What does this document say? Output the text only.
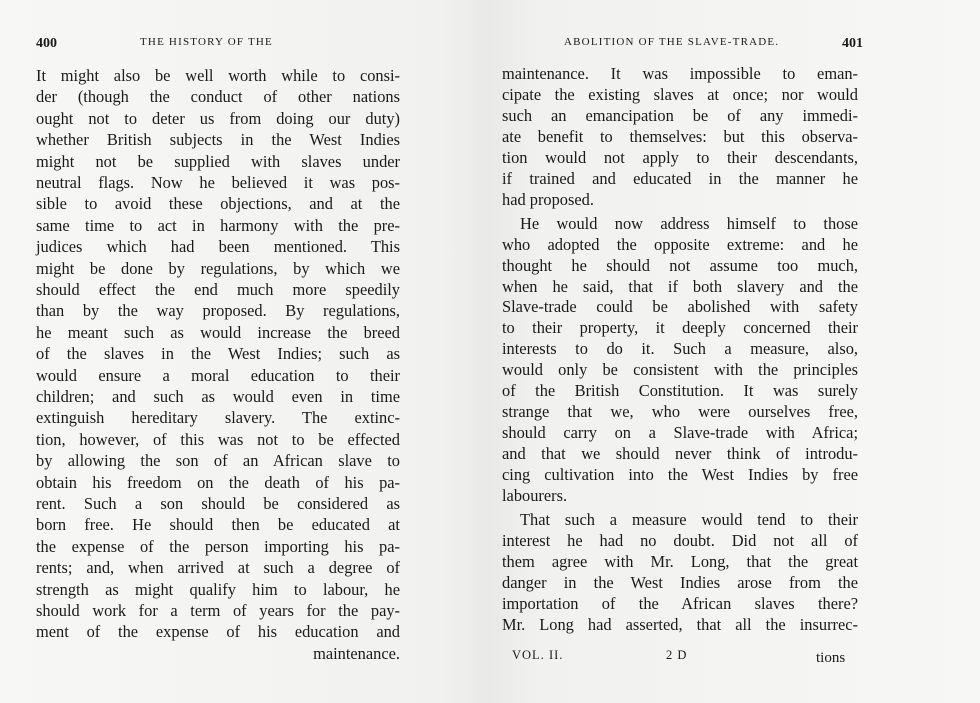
400	THE HISTORY OF THE
It might also be well worth while to consi-
der (though the conduct of other nations
ought not to deter us from doing our duty)
whether British subjects in the West Indies
might not be supplied with slaves under
neutral flags. Now he believed it was pos-
sible to avoid these objections, and at the
same time to act in harmony with the pre-
judices which had been mentioned. This
might be done by regulations, by which we
should effect the end much more speedily
than by the way proposed. By regulations,
he meant such as would increase the breed
of the slaves in the West Indies; such as
would ensure a moral education to their
children; and such as would even in time
extinguish hereditary slavery. The extinc-
tion, however, of this was not to be effected
by allowing the son of an African slave to
obtain his freedom on the death of his pa-
rent. Such a son should be considered as
born free. He should then be educated at
the expense of the person importing his pa-
rents; and, when arrived at such a degree of
strength as might qualify him to labour, he
should work for a term of years for the pay-
ment of the expense of his education and
maintenance.
ABOLITION OF THE SLAVE-TRADE.	401
maintenance. It was impossible to eman-
cipate the existing slaves at once; nor would
such an emancipation be of any immedi-
ate benefit to themselves: but this observa-
tion would not apply to their descendants,
if trained and educated in the manner he
had proposed.
He would now address himself to those
who adopted the opposite extreme: and he
thought he should not assume too much,
when he said, that if both slavery and the
Slave-trade could be abolished with safety
to their property, it deeply concerned their
interests to do it. Such a measure, also,
would only be consistent with the principles
of the British Constitution. It was surely
strange that we, who were ourselves free,
should carry on a Slave-trade with Africa;
and that we should never think of introdu-
cing cultivation into the West Indies by free
labourers.
That such a measure would tend to their
interest he had no doubt. Did not all of
them agree with Mr. Long, that the great
danger in the West Indies arose from the
importation of the African slaves there?
Mr. Long had asserted, that all the insurrec-
VOL. II.	2 D	tions
